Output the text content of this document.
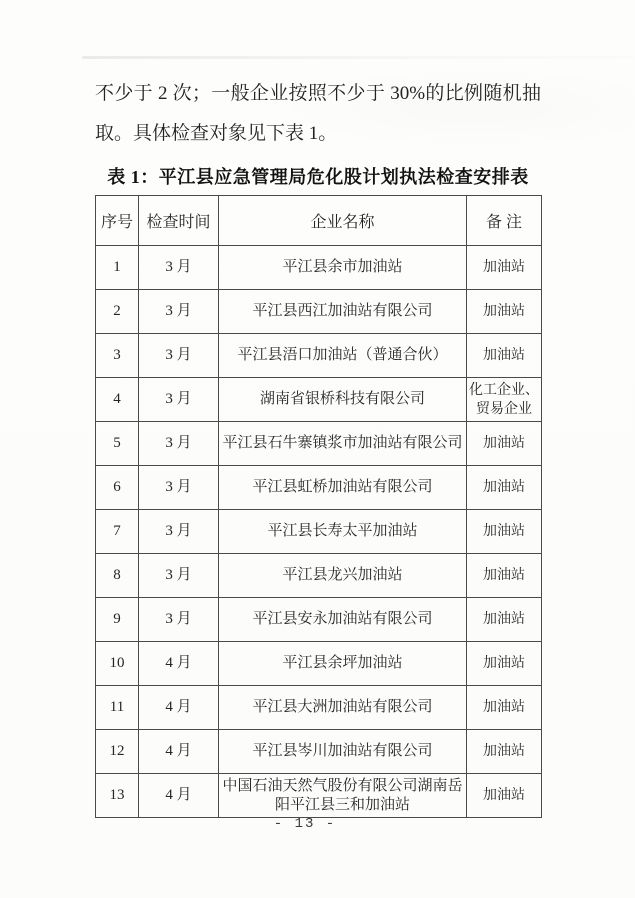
不少于 2 次；一般企业按照不少于 30%的比例随机抽取。具体检查对象见下表 1。

表 1：平江县应急管理局危化股计划执法检查安排表
序号	检查时间	企业名称	备 注
1	3 月	平江县余市加油站	加油站
2	3 月	平江县西江加油站有限公司	加油站
3	3 月	平江县浯口加油站（普通合伙）	加油站
4	3 月	湖南省银桥科技有限公司	化工企业、贸易企业
5	3 月	平江县石牛寨镇浆市加油站有限公司	加油站
6	3 月	平江县虹桥加油站有限公司	加油站
7	3 月	平江县长寿太平加油站	加油站
8	3 月	平江县龙兴加油站	加油站
9	3 月	平江县安永加油站有限公司	加油站
10	4 月	平江县余坪加油站	加油站
11	4 月	平江县大洲加油站有限公司	加油站
12	4 月	平江县岑川加油站有限公司	加油站
13	4 月	中国石油天然气股份有限公司湖南岳阳平江县三和加油站	加油站
- 13 -
